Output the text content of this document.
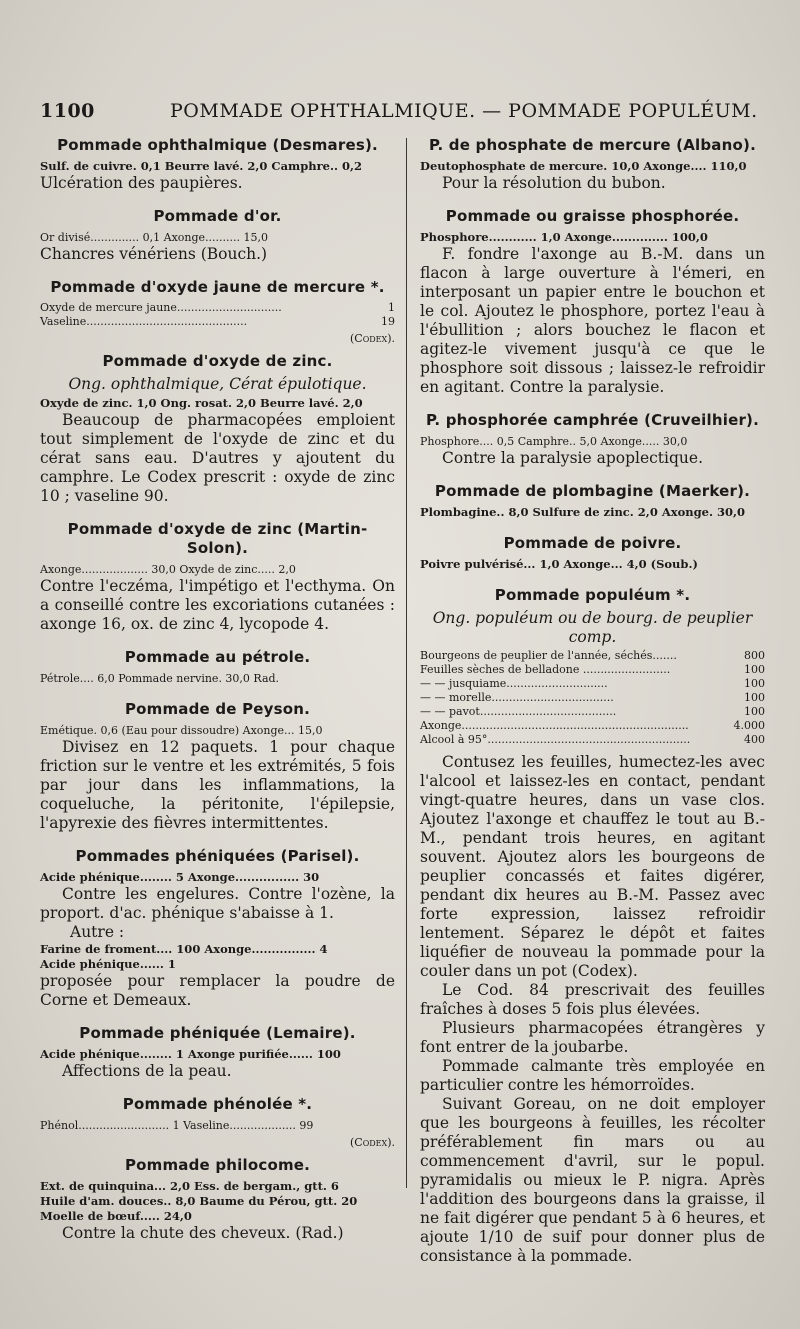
1100	POMMADE OPHTHALMIQUE. — POMMADE POPULÉUM.
Pommade ophthalmique (Desmares).
Sulf. de cuivre. 0,1 Beurre lavé. 2,0 Camphre.. 0,2
Ulcération des paupières.
Pommade d'or.
Or divisé.............. 0,1 Axonge.......... 15,0
Chancres vénériens (Bouch.)
Pommade d'oxyde jaune de mercure *.
Oxyde de mercure jaune..............................	1
Vaseline..............................................	19
(Codex).
Pommade d'oxyde de zinc.
Ong. ophthalmique, Cérat épulotique.
Oxyde de zinc. 1,0 Ong. rosat. 2,0 Beurre lavé. 2,0
Beaucoup de pharmacopées emploient tout simplement de l'oxyde de zinc et du cérat sans eau. D'autres y ajoutent du camphre. Le Codex prescrit : oxyde de zinc 10 ; vaseline 90.
Pommade d'oxyde de zinc (Martin-Solon).
Axonge................... 30,0 Oxyde de zinc..... 2,0
Contre l'eczéma, l'impétigo et l'ecthyma. On a conseillé contre les excoriations cutanées : axonge 16, ox. de zinc 4, lycopode 4.
Pommade au pétrole.
Pétrole.... 6,0 Pommade nervine. 30,0 Rad.
Pommade de Peyson.
Emétique. 0,6 (Eau pour dissoudre) Axonge... 15,0
Divisez en 12 paquets. 1 pour chaque friction sur le ventre et les extrémités, 5 fois par jour dans les inflammations, la coqueluche, la péritonite, l'épilepsie, l'apyrexie des fièvres intermittentes.
Pommades phéniquées (Parisel).
Acide phénique........ 5 Axonge................ 30
Contre les engelures. Contre l'ozène, la proport. d'ac. phénique s'abaisse à 1.
Autre :
Farine de froment.... 100 Axonge................ 4
Acide phénique...... 1
proposée pour remplacer la poudre de Corne et Demeaux.
Pommade phéniquée (Lemaire).
Acide phénique........ 1 Axonge purifiée...... 100
Affections de la peau.
Pommade phénolée *.
Phénol.......................... 1 Vaseline................... 99
(Codex).
Pommade philocome.
Ext. de quinquina... 2,0 Ess. de bergam., gtt. 6
Huile d'am. douces.. 8,0 Baume du Pérou, gtt. 20
Moelle de bœuf..... 24,0
Contre la chute des cheveux. (Rad.)
P. de phosphate de mercure (Albano).
Deutophosphate de mercure. 10,0 Axonge.... 110,0
Pour la résolution du bubon.
Pommade ou graisse phosphorée.
Phosphore............ 1,0 Axonge.............. 100,0
F. fondre l'axonge au B.-M. dans un flacon à large ouverture à l'émeri, en interposant un papier entre le bouchon et le col. Ajoutez le phosphore, portez l'eau à l'ébullition ; alors bouchez le flacon et agitez-le vivement jusqu'à ce que le phosphore soit dissous ; laissez-le refroidir en agitant. Contre la paralysie.
P. phosphorée camphrée (Cruveilhier).
Phosphore.... 0,5 Camphre.. 5,0 Axonge..... 30,0
Contre la paralysie apoplectique.
Pommade de plombagine (Maerker).
Plombagine.. 8,0 Sulfure de zinc. 2,0 Axonge. 30,0
Pommade de poivre.
Poivre pulvérisé... 1,0 Axonge... 4,0 (Soub.)
Pommade populéum *.
Ong. populéum ou de bourg. de peuplier comp.
Bourgeons de peuplier de l'année, séchés.......	800
Feuilles sèches de belladone .........................	100
— — jusquiame.............................	100
— — morelle...................................	100
— — pavot.......................................	100
Axonge.................................................................	4.000
Alcool à 95°..........................................................	400
Contusez les feuilles, humectez-les avec l'alcool et laissez-les en contact, pendant vingt-quatre heures, dans un vase clos. Ajoutez l'axonge et chauffez le tout au B.-M., pendant trois heures, en agitant souvent. Ajoutez alors les bourgeons de peuplier concassés et faites digérer, pendant dix heures au B.-M. Passez avec forte expression, laissez refroidir lentement. Séparez le dépôt et faites liquéfier de nouveau la pommade pour la couler dans un pot (Codex).
Le Cod. 84 prescrivait des feuilles fraîches à doses 5 fois plus élevées.
Plusieurs pharmacopées étrangères y font entrer de la joubarbe.
Pommade calmante très employée en particulier contre les hémorroïdes.
Suivant Goreau, on ne doit employer que les bourgeons à feuilles, les récolter préférablement fin mars ou au commencement d'avril, sur le popul. pyramidalis ou mieux le P. nigra. Après l'addition des bourgeons dans la graisse, il ne fait digérer que pendant 5 à 6 heures, et ajoute 1/10 de suif pour donner plus de consistance à la pommade.
